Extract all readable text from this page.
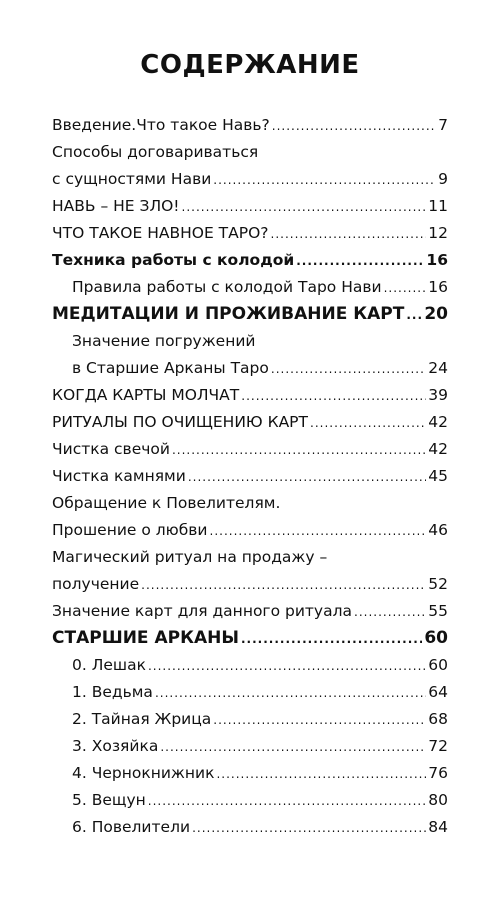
СОДЕРЖАНИЕ
Введение.Что такое Навь? .....	7
Способы договариваться
с сущностями Нави .....	9
НАВЬ – НЕ ЗЛО! .....	11
ЧТО ТАКОЕ НАВНОЕ ТАРО? .....	12
Техника работы с колодой .....	16
Правила работы с колодой Таро Нави .....	16
МЕДИТАЦИИ И ПРОЖИВАНИЕ КАРТ ..... 20
Значение погружений
в Старшие Арканы Таро .....	24
КОГДА КАРТЫ МОЛЧАТ .....	39
РИТУАЛЫ ПО ОЧИЩЕНИЮ КАРТ .....	42
Чистка свечой .....	42
Чистка камнями .....	45
Обращение к Повелителям.
Прошение о любви .....	46
Магический ритуал на продажу –
получение .....	52
Значение карт для данного ритуала .....	55
СТАРШИЕ АРКАНЫ .....	60
0. Лешак .....	60
1. Ведьма .....	64
2. Тайная Жрица .....	68
3. Хозяйка .....	72
4. Чернокнижник .....	76
5. Вещун .....	80
6. Повелители .....	84
